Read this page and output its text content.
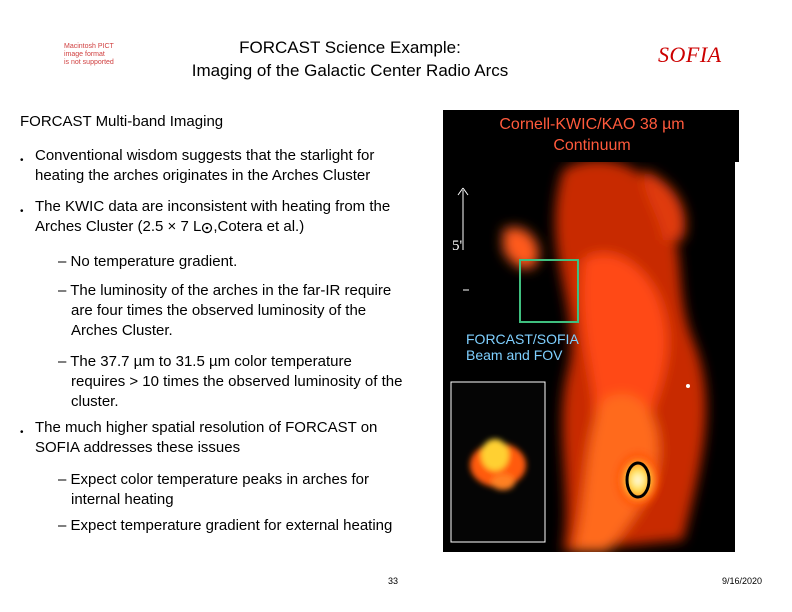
Macintosh PICT
image format
is not supported
FORCAST Science Example:
Imaging of the Galactic Center Radio Arcs
SOFIA
FORCAST Multi-band Imaging
• Conventional wisdom suggests that the starlight for
heating the arches originates in the Arches Cluster
• The KWIC data are inconsistent with heating from the
Arches Cluster (2.5 × 7 L ,Cotera et al.)
– No temperature gradient.
– The luminosity of the arches in the far-IR require
are four times the observed luminosity of the
Arches Cluster.
– The 37.7 µm to 31.5 µm color temperature
requires > 10 times the observed luminosity of the
cluster.
• The much higher spatial resolution of FORCAST on
SOFIA addresses these issues
– Expect color temperature peaks in arches for
internal heating
– Expect temperature gradient for external heating
Cornell-KWIC/KAO 38 µm
Continuum
5'
FORCAST/SOFIA
Beam and FOV
33	9/16/2020
